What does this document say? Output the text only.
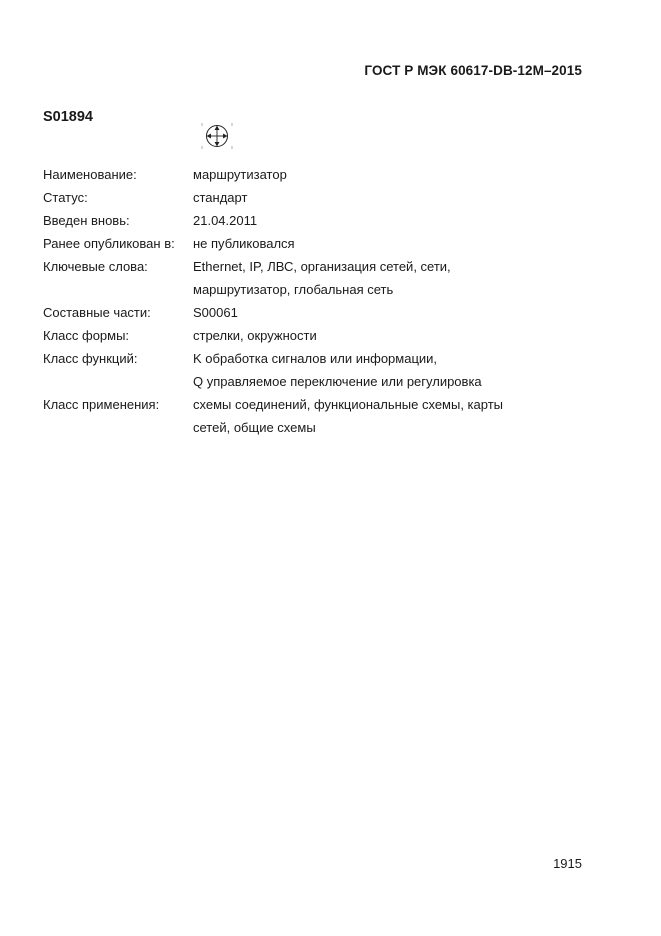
ГОСТ Р МЭК 60617-DB-12M–2015
S01894
Наименование:	маршрутизатор
Статус:	стандарт
Введен вновь:	21.04.2011
Ранее опубликован в:	не публиковался
Ключевые слова:	Ethernet, IP, ЛВС, организация сетей, сети,
маршрутизатор, глобальная сеть
Составные части:	S00061
Класс формы:	стрелки, окружности
Класс функций:	K обработка сигналов или информации,
Q управляемое переключение или регулировка
Класс применения:	схемы соединений, функциональные схемы, карты
сетей, общие схемы
1915
